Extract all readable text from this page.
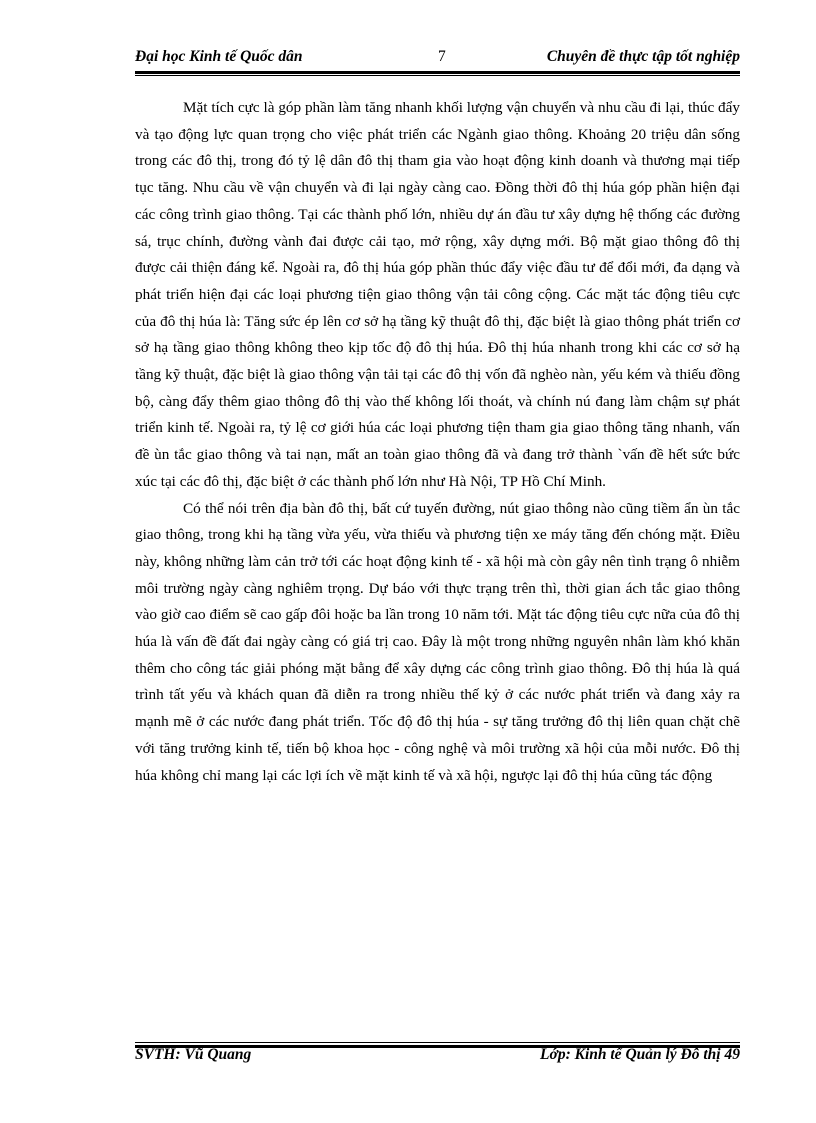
Đại học Kinh tế Quốc dân	7	Chuyên đề thực tập tốt nghiệp

Mặt tích cực là góp phần làm tăng nhanh khối lượng vận chuyển và nhu cầu đi lại, thúc đẩy và tạo động lực quan trọng cho việc phát triển các Ngành giao thông. Khoảng 20 triệu dân sống trong các đô thị, trong đó tỷ lệ dân đô thị tham gia vào hoạt động kinh doanh và thương mại tiếp tục tăng. Nhu cầu về vận chuyển và đi lại ngày càng cao. Đồng thời đô thị húa góp phần hiện đại các công trình giao thông. Tại các thành phố lớn, nhiều dự án đầu tư xây dựng hệ thống các đường sá, trục chính, đường vành đai được cải tạo, mở rộng, xây dựng mới. Bộ mặt giao thông đô thị được cải thiện đáng kể. Ngoài ra, đô thị húa góp phần thúc đẩy việc đầu tư để đổi mới, đa dạng và phát triển hiện đại các loại phương tiện giao thông vận tải công cộng. Các mặt tác động tiêu cực của đô thị húa là: Tăng sức ép lên cơ sở hạ tầng kỹ thuật đô thị, đặc biệt là giao thông phát triển cơ sở hạ tầng giao thông không theo kịp tốc độ đô thị húa. Đô thị húa nhanh trong khi các cơ sở hạ tầng kỹ thuật, đặc biệt là giao thông vận tải tại các đô thị vốn đã nghèo nàn, yếu kém và thiếu đồng bộ, càng đẩy thêm giao thông đô thị vào thế không lối thoát, và chính nú đang làm chậm sự phát triển kinh tế. Ngoài ra, tỷ lệ cơ giới húa các loại phương tiện tham gia giao thông tăng nhanh, vấn đề ùn tắc giao thông và tai nạn, mất an toàn giao thông đã và đang trở thành `vấn đề hết sức bức xúc tại các đô thị, đặc biệt ở các thành phố lớn như Hà Nội, TP Hồ Chí Minh.

Có thể nói trên địa bàn đô thị, bất cứ tuyến đường, nút giao thông nào cũng tiềm ẩn ùn tắc giao thông, trong khi hạ tầng vừa yếu, vừa thiếu và phương tiện xe máy tăng đến chóng mặt. Điều này, không những làm cản trở tới các hoạt động kinh tế - xã hội mà còn gây nên tình trạng ô nhiễm môi trường ngày càng nghiêm trọng. Dự báo với thực trạng trên thì, thời gian ách tắc giao thông vào giờ cao điểm sẽ cao gấp đôi hoặc ba lần trong 10 năm tới. Mặt tác động tiêu cực nữa của đô thị húa là vấn đề đất đai ngày càng có giá trị cao. Đây là một trong những nguyên nhân làm khó khăn thêm cho công tác giải phóng mặt bằng để xây dựng các công trình giao thông. Đô thị húa là quá trình tất yếu và khách quan đã diễn ra trong nhiều thế kỷ ở các nước phát triển và đang xảy ra mạnh mẽ ở các nước đang phát triển. Tốc độ đô thị húa - sự tăng trưởng đô thị liên quan chặt chẽ với tăng trưởng kinh tế, tiến bộ khoa học - công nghệ và môi trường xã hội của mỗi nước. Đô thị húa không chỉ mang lại các lợi ích về mặt kinh tế và xã hội, ngược lại đô thị húa cũng tác động

SVTH: Vũ Quang	Lớp: Kinh tế Quản lý Đô thị 49
